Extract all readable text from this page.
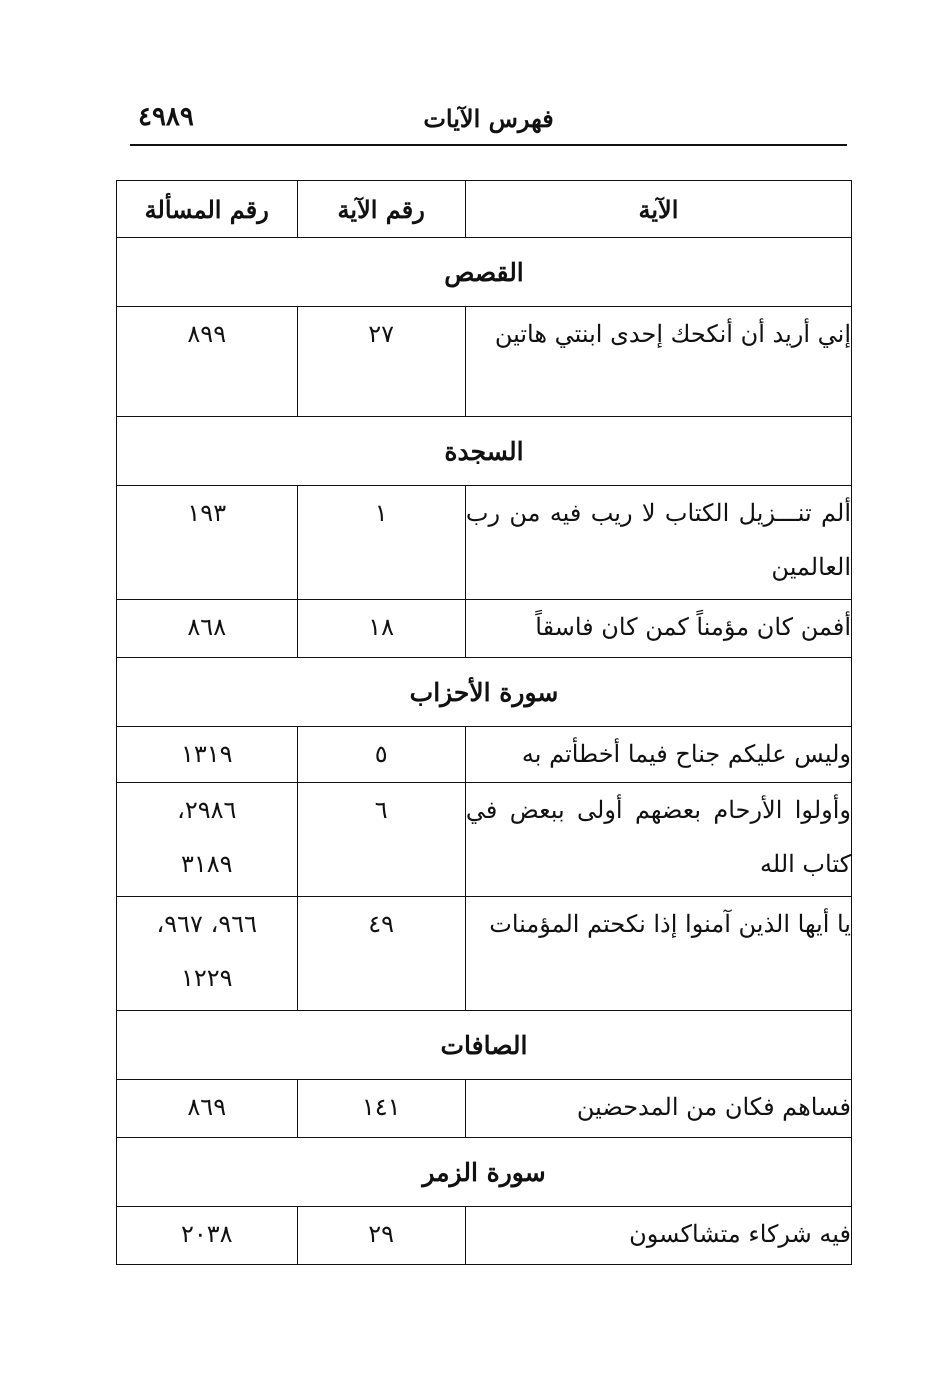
فهرس الآيات
٤٩٨٩
الآية	رقم الآية	رقم المسألة
القصص		
إني أريد أن أنكحك إحدى ابنتي هاتين	٢٧	٨٩٩

السجدة		
ألم تنـــزيل الكتاب لا ريب فيه من رب العالمين	١	١٩٣

أفمن كان مؤمناً كمن كان فاسقاً	١٨	٨٦٨

سورة الأحزاب		
وليس عليكم جناح فيما أخطأتم به	٥	١٣١٩

وأولوا الأرحام بعضهم أولى ببعض في كتاب الله	٦	٢٩٨٦،
٣١٨٩

يا أيها الذين آمنوا إذا نكحتم المؤمنات	٤٩	٩٦٦، ٩٦٧،
١٢٢٩

الصافات		
فساهم فكان من المدحضين	١٤١	٨٦٩

سورة الزمر		
فيه شركاء متشاكسون	٢٩	٢٠٣٨
